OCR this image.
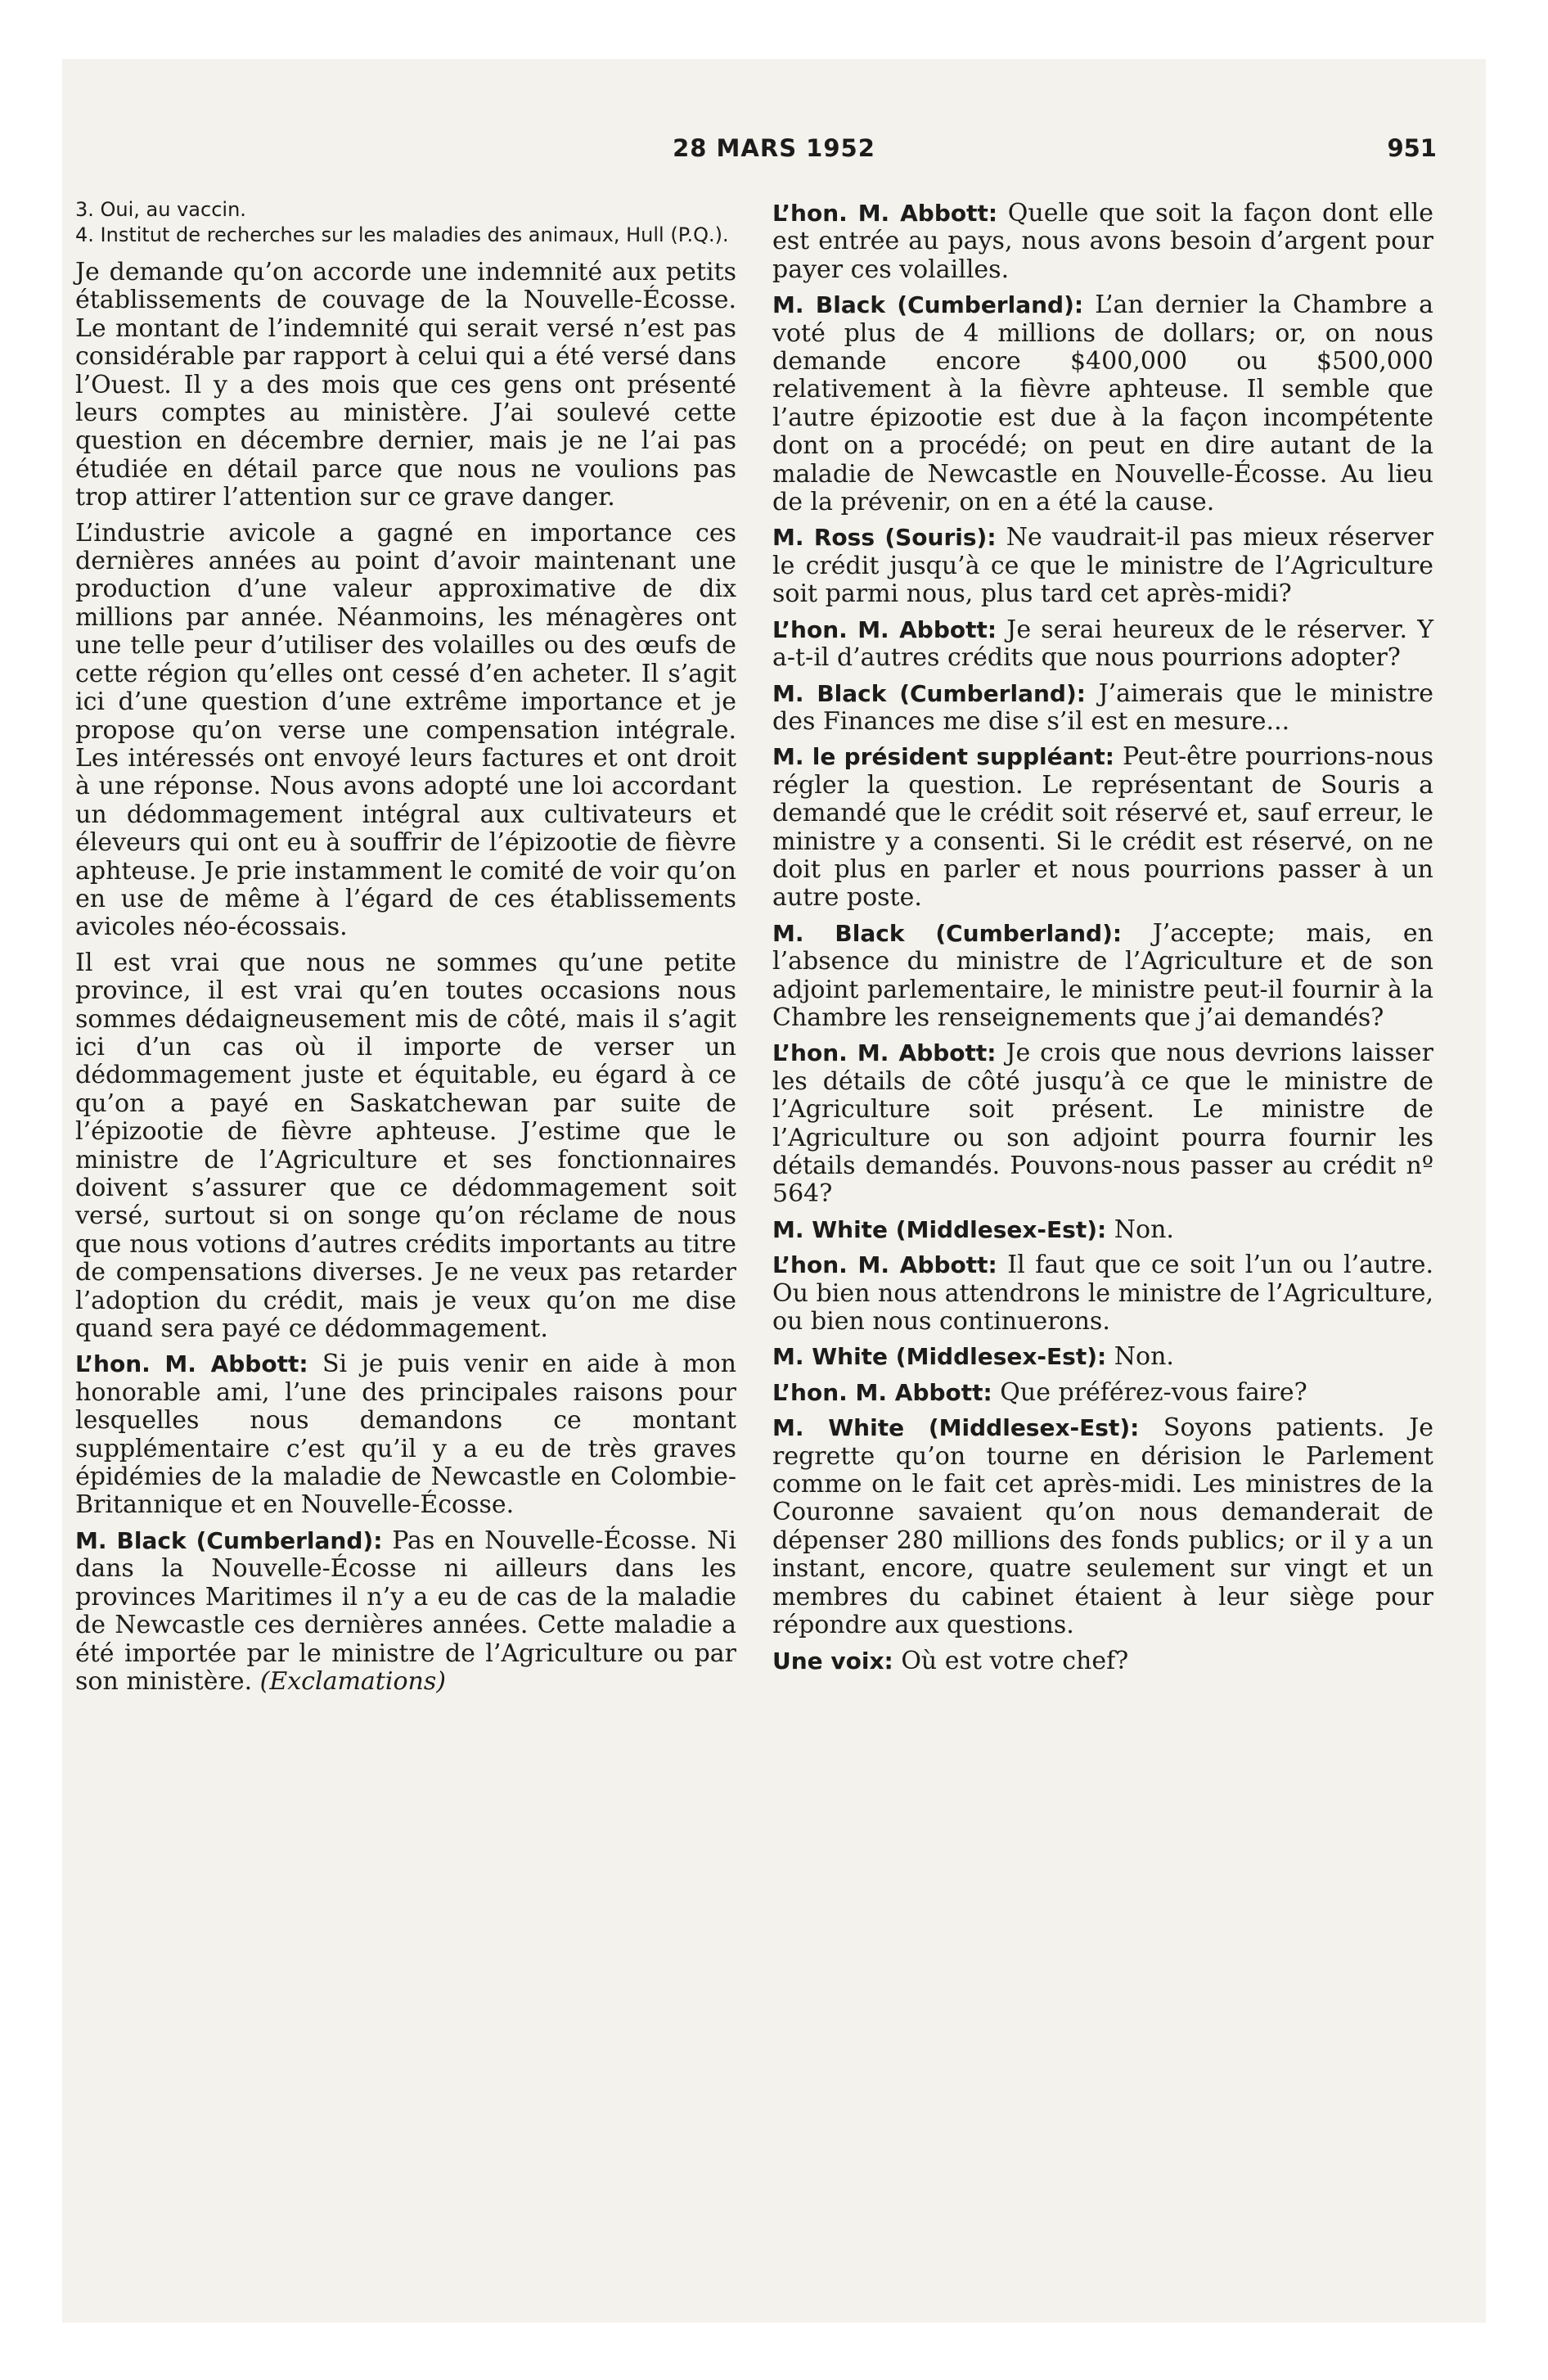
28 MARS 1952	951
3. Oui, au vaccin.
4. Institut de recherches sur les maladies des animaux, Hull (P.Q.).

Je demande qu’on accorde une indemnité aux petits établissements de couvage de la Nouvelle-Écosse. Le montant de l’indemnité qui serait versé n’est pas considérable par rapport à celui qui a été versé dans l’Ouest. Il y a des mois que ces gens ont présenté leurs comptes au ministère. J’ai soulevé cette question en décembre dernier, mais je ne l’ai pas étudiée en détail parce que nous ne voulions pas trop attirer l’attention sur ce grave danger.

L’industrie avicole a gagné en importance ces dernières années au point d’avoir maintenant une production d’une valeur approximative de dix millions par année. Néanmoins, les ménagères ont une telle peur d’utiliser des volailles ou des œufs de cette région qu’elles ont cessé d’en acheter. Il s’agit ici d’une question d’une extrême importance et je propose qu’on verse une compensation intégrale. Les intéressés ont envoyé leurs factures et ont droit à une réponse. Nous avons adopté une loi accordant un dédommagement intégral aux cultivateurs et éleveurs qui ont eu à souffrir de l’épizootie de fièvre aphteuse. Je prie instamment le comité de voir qu’on en use de même à l’égard de ces établissements avicoles néo-écossais.

Il est vrai que nous ne sommes qu’une petite province, il est vrai qu’en toutes occasions nous sommes dédaigneusement mis de côté, mais il s’agit ici d’un cas où il importe de verser un dédommagement juste et équitable, eu égard à ce qu’on a payé en Saskatchewan par suite de l’épizootie de fièvre aphteuse. J’estime que le ministre de l’Agriculture et ses fonctionnaires doivent s’assurer que ce dédommagement soit versé, surtout si on songe qu’on réclame de nous que nous votions d’autres crédits importants au titre de compensations diverses. Je ne veux pas retarder l’adoption du crédit, mais je veux qu’on me dise quand sera payé ce dédommagement.

L’hon. M. Abbott: Si je puis venir en aide à mon honorable ami, l’une des principales raisons pour lesquelles nous demandons ce montant supplémentaire c’est qu’il y a eu de très graves épidémies de la maladie de Newcastle en Colombie-Britannique et en Nouvelle-Écosse.

M. Black (Cumberland): Pas en Nouvelle-Écosse. Ni dans la Nouvelle-Écosse ni ailleurs dans les provinces Maritimes il n’y a eu de cas de la maladie de Newcastle ces dernières années. Cette maladie a été importée par le ministre de l’Agriculture ou par son ministère. (Exclamations)

L’hon. M. Abbott: Quelle que soit la façon dont elle est entrée au pays, nous avons besoin d’argent pour payer ces volailles.

M. Black (Cumberland): L’an dernier la Chambre a voté plus de 4 millions de dollars; or, on nous demande encore $400,000 ou $500,000 relativement à la fièvre aphteuse. Il semble que l’autre épizootie est due à la façon incompétente dont on a procédé; on peut en dire autant de la maladie de Newcastle en Nouvelle-Écosse. Au lieu de la prévenir, on en a été la cause.

M. Ross (Souris): Ne vaudrait-il pas mieux réserver le crédit jusqu’à ce que le ministre de l’Agriculture soit parmi nous, plus tard cet après-midi?

L’hon. M. Abbott: Je serai heureux de le réserver. Y a-t-il d’autres crédits que nous pourrions adopter?

M. Black (Cumberland): J’aimerais que le ministre des Finances me dise s’il est en mesure...

M. le président suppléant: Peut-être pourrions-nous régler la question. Le représentant de Souris a demandé que le crédit soit réservé et, sauf erreur, le ministre y a consenti. Si le crédit est réservé, on ne doit plus en parler et nous pourrions passer à un autre poste.

M. Black (Cumberland): J’accepte; mais, en l’absence du ministre de l’Agriculture et de son adjoint parlementaire, le ministre peut-il fournir à la Chambre les renseignements que j’ai demandés?

L’hon. M. Abbott: Je crois que nous devrions laisser les détails de côté jusqu’à ce que le ministre de l’Agriculture soit présent. Le ministre de l’Agriculture ou son adjoint pourra fournir les détails demandés. Pouvons-nous passer au crédit nº 564?

M. White (Middlesex-Est): Non.

L’hon. M. Abbott: Il faut que ce soit l’un ou l’autre. Ou bien nous attendrons le ministre de l’Agriculture, ou bien nous continuerons.

M. White (Middlesex-Est): Non.

L’hon. M. Abbott: Que préférez-vous faire?

M. White (Middlesex-Est): Soyons patients. Je regrette qu’on tourne en dérision le Parlement comme on le fait cet après-midi. Les ministres de la Couronne savaient qu’on nous demanderait de dépenser 280 millions des fonds publics; or il y a un instant, encore, quatre seulement sur vingt et un membres du cabinet étaient à leur siège pour répondre aux questions.

Une voix: Où est votre chef?
